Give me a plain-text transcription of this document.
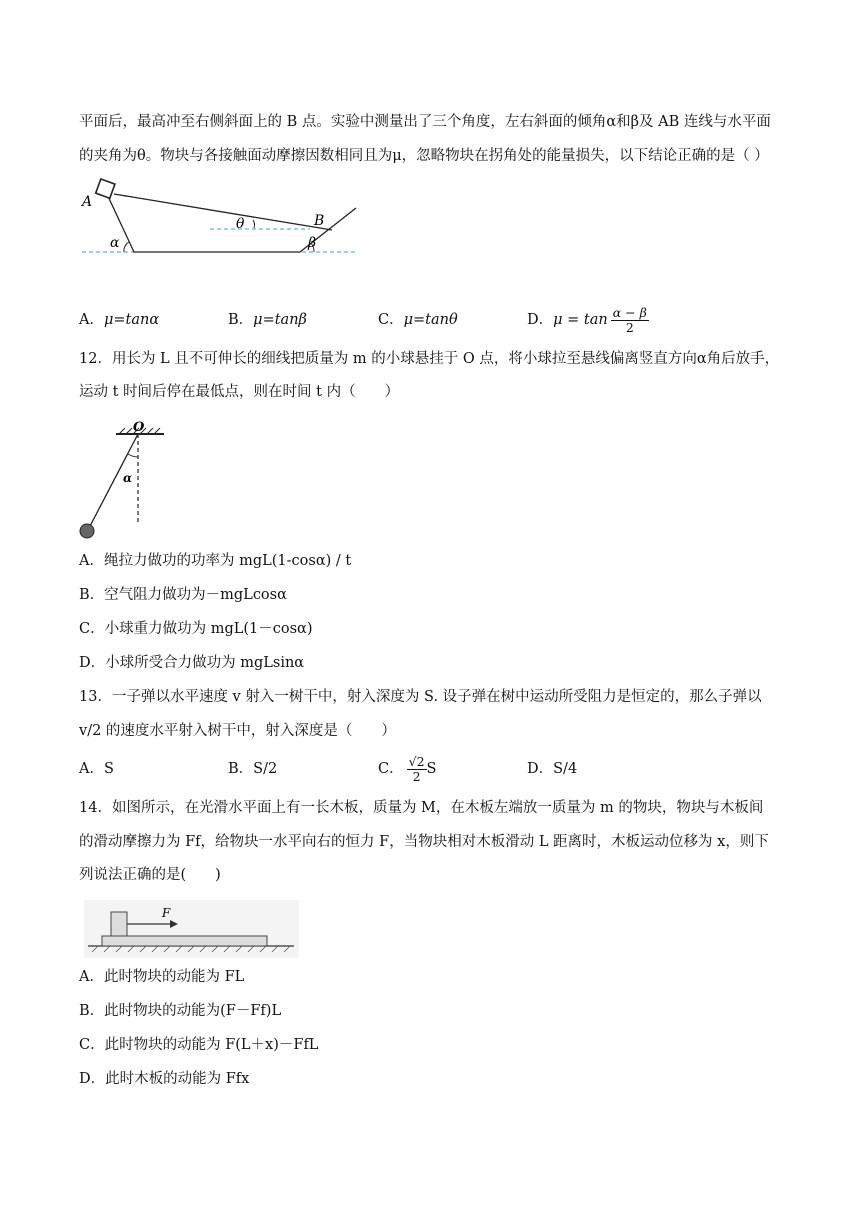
平面后，最高冲至右侧斜面上的 B 点。实验中测量出了三个角度，左右斜面的倾角α和β及 AB 连线与水平面
的夹角为θ。物块与各接触面动摩擦因数相同且为μ，忽略物块在拐角处的能量损失，以下结论正确的是（ ）
A
B
α	β
θ
A．μ=tanα	B．μ=tanβ	C．μ=tanθ	D．$\mu = \tan \frac{\alpha - \beta}{2}$
12．用长为 L 且不可伸长的细线把质量为 m 的小球悬挂于 O 点，将小球拉至悬线偏离竖直方向α角后放手，
运动 t 时间后停在最低点，则在时间 t 内（　　）
O
α
A．绳拉力做功的功率为 mgL(1-cosα) / t
B．空气阻力做功为－mgLcosα
C．小球重力做功为 mgL(1－cosα)
D．小球所受合力做功为 mgLsinα
13．一子弹以水平速度 v 射入一树干中，射入深度为 S. 设子弹在树中运动所受阻力是恒定的，那么子弹以
v/2 的速度水平射入树干中，射入深度是（　　）
A．S	B．S/2	C． $\frac{√2}{2}$ S	D．S/4
14．如图所示，在光滑水平面上有一长木板，质量为 M，在木板左端放一质量为 m 的物块，物块与木板间
的滑动摩擦力为 Ff，给物块一水平向右的恒力 F，当物块相对木板滑动 L 距离时，木板运动位移为 x，则下
列说法正确的是(　　)
F
A．此时物块的动能为 FL
B．此时物块的动能为(F－Ff)L
C．此时物块的动能为 F(L＋x)－FfL
D．此时木板的动能为 Ffx
